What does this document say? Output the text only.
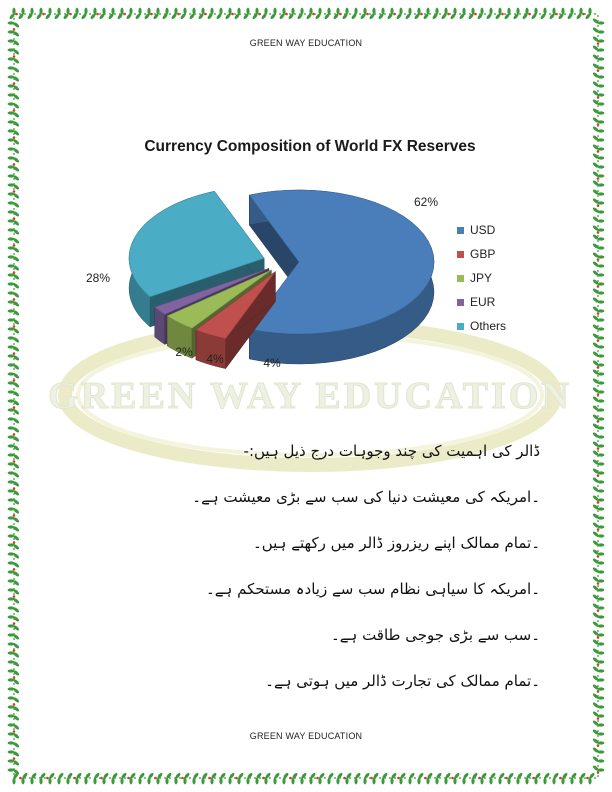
GREEN WAY EDUCATION
GREEN WAY EDUCATION
Currency Composition of World FX Reserves
62%
4%
4%
2%
28%
USD
GBP
JPY
EUR
Others
ڈالر کی اہمیت کی چند وجوہات درج ذیل ہیں:-
۔امریکہ کی معیشت دنیا کی سب سے بڑی معیشت ہے۔
۔تمام ممالک اپنے ریزروز ڈالر میں رکھتے ہیں۔
۔امریکہ کا سیاہی نظام سب سے زیادہ مستحکم ہے۔
۔سب سے بڑی جوجی طاقت ہے۔
۔تمام ممالک کی تجارت ڈالر میں ہوتی ہے۔
GREEN WAY EDUCATION
